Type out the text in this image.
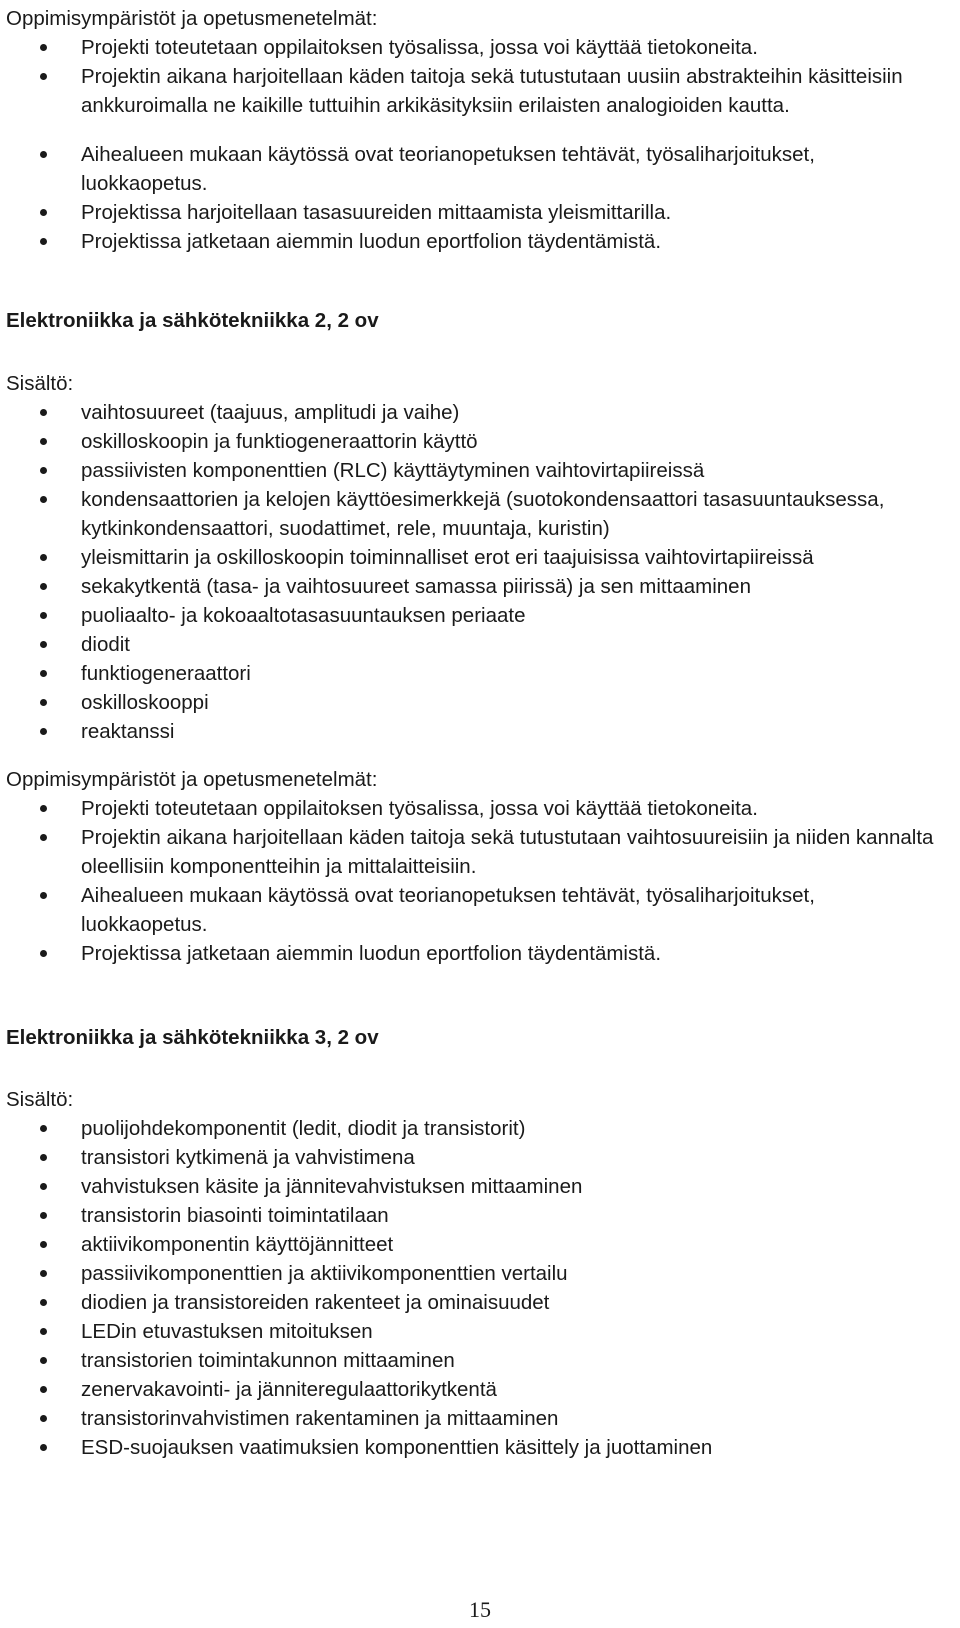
Oppimisympäristöt ja opetusmenetelmät:

Projekti toteutetaan oppilaitoksen työsalissa, jossa voi käyttää tietokoneita.
Projektin aikana harjoitellaan käden taitoja sekä tutustutaan uusiin abstrakteihin käsitteisiin ankkuroimalla ne kaikille tuttuihin arkikäsityksiin erilaisten analogioiden kautta.
Aihealueen mukaan käytössä ovat teorianopetuksen tehtävät, työsaliharjoitukset, luokkaopetus.
Projektissa harjoitellaan tasasuureiden mittaamista yleismittarilla.
Projektissa jatketaan aiemmin luodun eportfolion täydentämistä.

Elektroniikka ja sähkötekniikka 2, 2 ov

Sisältö:

vaihtosuureet (taajuus, amplitudi ja vaihe)
oskilloskoopin ja funktiogeneraattorin käyttö
passiivisten komponenttien (RLC) käyttäytyminen vaihtovirtapiireissä
kondensaattorien ja kelojen käyttöesimerkkejä (suotokondensaattori tasasuuntauksessa, kytkinkondensaattori, suodattimet, rele, muuntaja, kuristin)
yleismittarin ja oskilloskoopin toiminnalliset erot eri taajuisissa vaihtovirtapiireissä
sekakytkentä (tasa- ja vaihtosuureet samassa piirissä) ja sen mittaaminen
puoliaalto- ja kokoaaltotasasuuntauksen periaate
diodit
funktiogeneraattori
oskilloskooppi
reaktanssi

Oppimisympäristöt ja opetusmenetelmät:

Projekti toteutetaan oppilaitoksen työsalissa, jossa voi käyttää tietokoneita.
Projektin aikana harjoitellaan käden taitoja sekä tutustutaan vaihtosuureisiin ja niiden kannalta oleellisiin komponentteihin ja mittalaitteisiin.
Aihealueen mukaan käytössä ovat teorianopetuksen tehtävät, työsaliharjoitukset, luokkaopetus.
Projektissa jatketaan aiemmin luodun eportfolion täydentämistä.

Elektroniikka ja sähkötekniikka 3, 2 ov

Sisältö:

puolijohdekomponentit (ledit, diodit ja transistorit)
transistori kytkimenä ja vahvistimena
vahvistuksen käsite ja jännitevahvistuksen mittaaminen
transistorin biasointi toimintatilaan
aktiivikomponentin käyttöjännitteet
passiivikomponenttien ja aktiivikomponenttien vertailu
diodien ja transistoreiden rakenteet ja ominaisuudet
LEDin etuvastuksen mitoituksen
transistorien toimintakunnon mittaaminen
zenervakavointi- ja jänniteregulaattorikytkentä
transistorinvahvistimen rakentaminen ja mittaaminen
ESD-suojauksen vaatimuksien komponenttien käsittely ja juottaminen
15
